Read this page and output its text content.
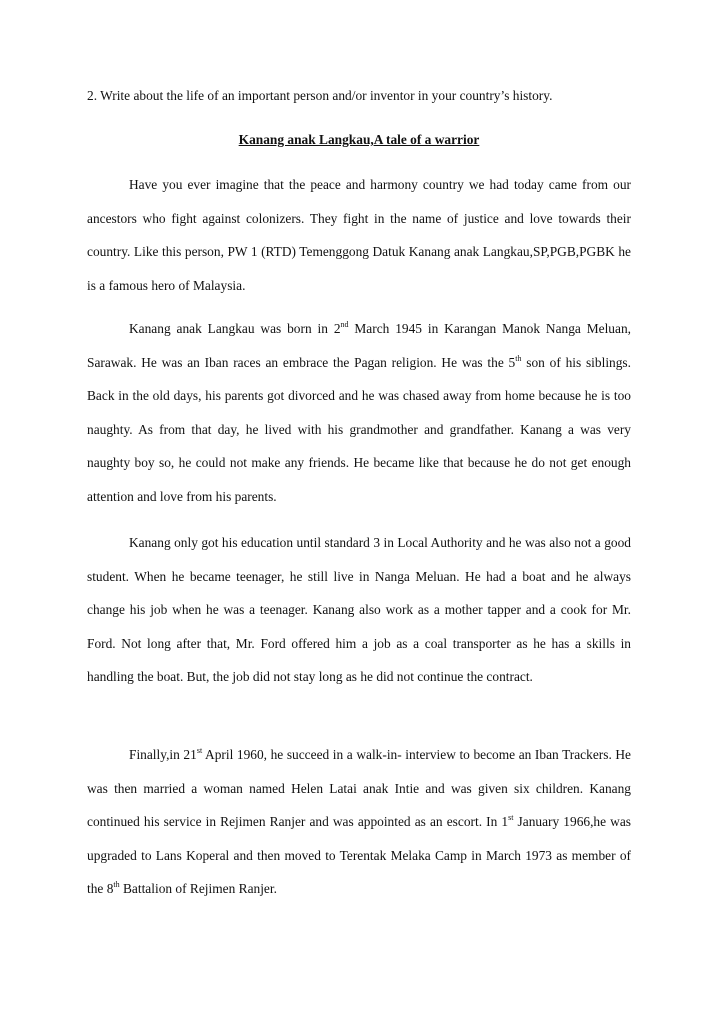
2. Write about the life of an important person and/or inventor in your country’s history.
Kanang anak Langkau,A tale of a warrior

Have you ever imagine that the peace and harmony country we had today came from our ancestors who fight against colonizers. They fight in the name of justice and love towards their country. Like this person, PW 1 (RTD) Temenggong Datuk Kanang anak Langkau,SP,PGB,PGBK he is a famous hero of Malaysia.

Kanang anak Langkau was born in 2nd March 1945 in Karangan Manok Nanga Meluan, Sarawak. He was an Iban races an embrace the Pagan religion. He was the 5th son of his siblings. Back in the old days, his parents got divorced and he was chased away from home because he is too naughty. As from that day, he lived with his grandmother and grandfather. Kanang a was very naughty boy so, he could not make any friends. He became like that because he do not get enough attention and love from his parents.

Kanang only got his education until standard 3 in Local Authority and he was also not a good student. When he became teenager, he still live in Nanga Meluan. He had a boat and he always change his job when he was a teenager. Kanang also work as a mother tapper and a cook for Mr. Ford. Not long after that, Mr. Ford offered him a job as a coal transporter as he has a skills in handling the boat. But, the job did not stay long as he did not continue the contract.

Finally,in 21st April 1960, he succeed in a walk-in- interview to become an Iban Trackers. He was then married a woman named Helen Latai anak Intie and was given six children. Kanang continued his service in Rejimen Ranjer and was appointed as an escort. In 1st January 1966,he was upgraded to Lans Koperal and then moved to Terentak Melaka Camp in March 1973 as member of the 8th Battalion of Rejimen Ranjer.
